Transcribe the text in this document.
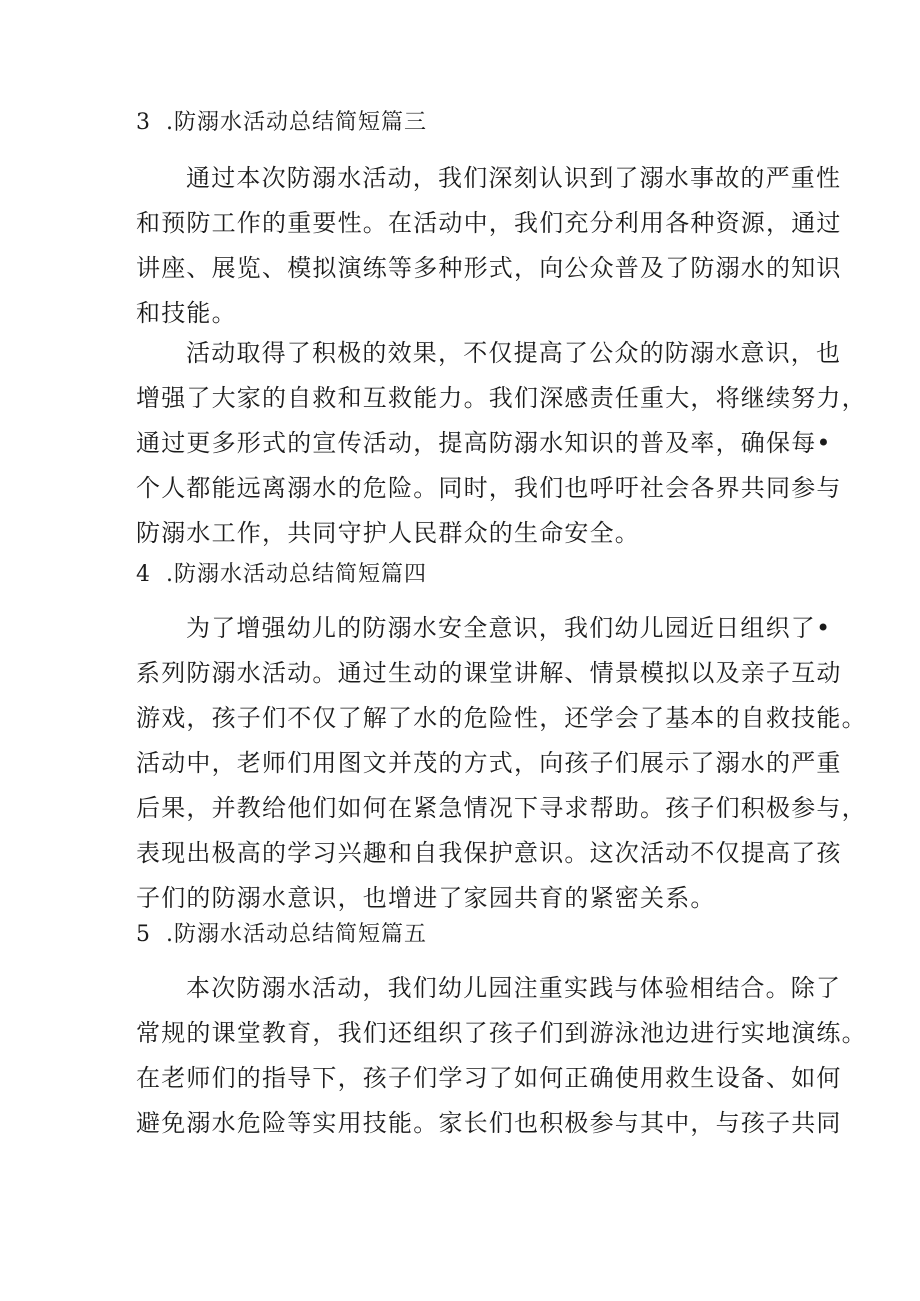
3 .防溺水活动总结简短篇三
通过本次防溺水活动，我们深刻认识到了溺水事故的严重性
和预防工作的重要性。在活动中，我们充分利用各种资源，通过
讲座、展览、模拟演练等多种形式，向公众普及了防溺水的知识
和技能。
活动取得了积极的效果，不仅提高了公众的防溺水意识，也
增强了大家的自救和互救能力。我们深感责任重大，将继续努力，
通过更多形式的宣传活动，提高防溺水知识的普及率，确保每•
个人都能远离溺水的危险。同时，我们也呼吁社会各界共同参与
防溺水工作，共同守护人民群众的生命安全。
4 .防溺水活动总结简短篇四
为了增强幼儿的防溺水安全意识，我们幼儿园近日组织了•
系列防溺水活动。通过生动的课堂讲解、情景模拟以及亲子互动
游戏，孩子们不仅了解了水的危险性，还学会了基本的自救技能。
活动中，老师们用图文并茂的方式，向孩子们展示了溺水的严重
后果，并教给他们如何在紧急情况下寻求帮助。孩子们积极参与，
表现出极高的学习兴趣和自我保护意识。这次活动不仅提高了孩
子们的防溺水意识，也增进了家园共育的紧密关系。
5 .防溺水活动总结简短篇五
本次防溺水活动，我们幼儿园注重实践与体验相结合。除了
常规的课堂教育，我们还组织了孩子们到游泳池边进行实地演练。
在老师们的指导下，孩子们学习了如何正确使用救生设备、如何
避免溺水危险等实用技能。家长们也积极参与其中，与孩子共同
